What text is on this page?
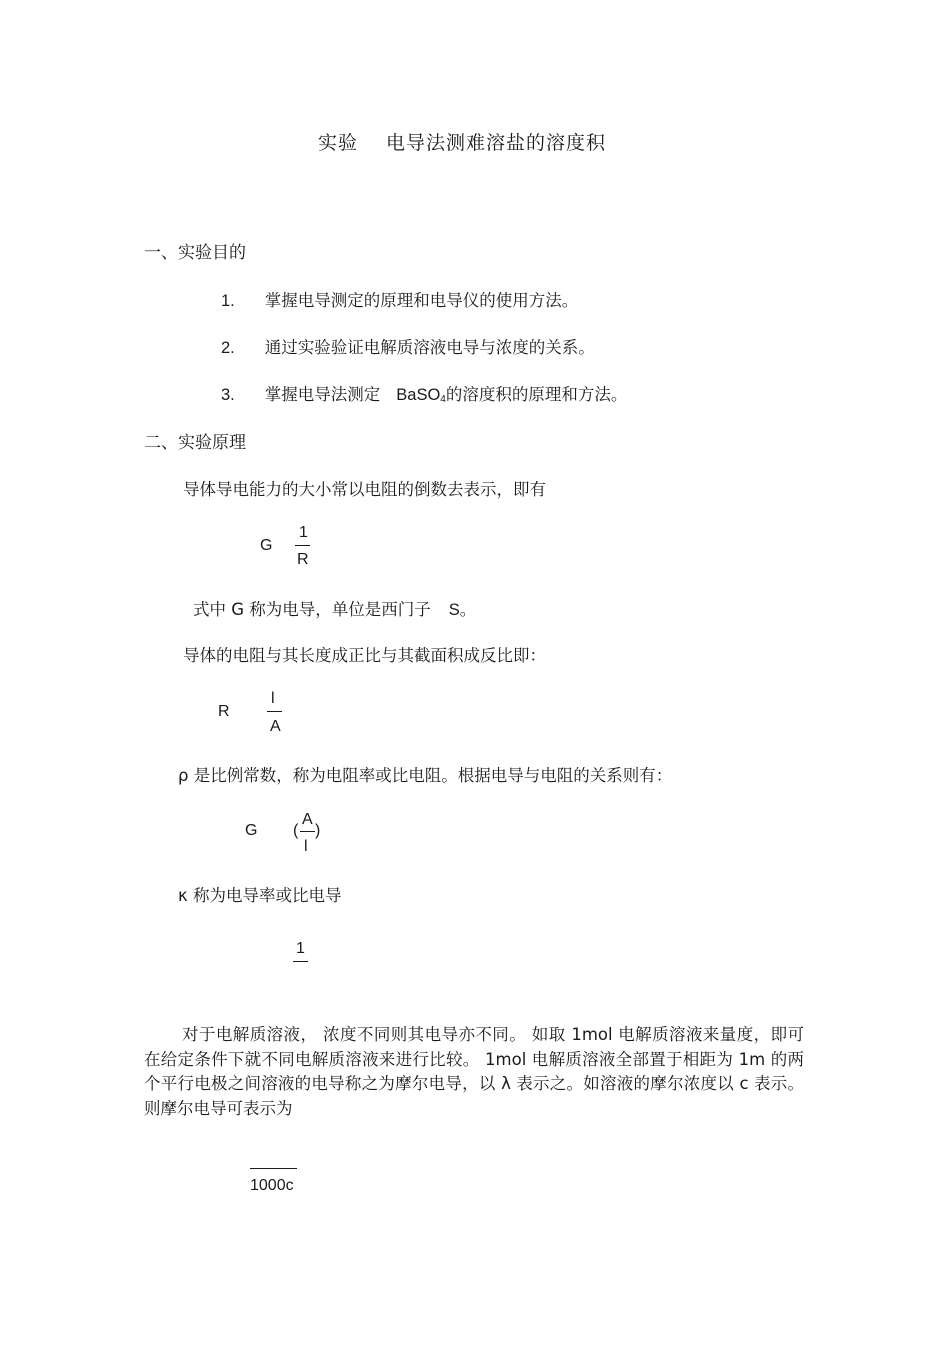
实验 电导法测难溶盐的溶度积
一、实验目的
1. 掌握电导测定的原理和电导仪的使用方法。
2. 通过实验验证电解质溶液电导与浓度的关系。
3. 掌握电导法测定 BaSO$_4$的溶度积的原理和方法。
二、实验原理
导体导电能力的大小常以电阻的倒数去表示，即有
G
1
R
式中 G 称为电导，单位是西门子 S。
导体的电阻与其长度成正比与其截面积成反比即：
R
l
A
ρ 是比例常数，称为电阻率或比电阻。根据电导与电阻的关系则有：
G (
A
l
)
κ 称为电导率或比电导
1
对于电解质溶液， 浓度不同则其电导亦不同。 如取 1mol 电解质溶液来量度，即可在给定条件下就不同电解质溶液来进行比较。 1mol 电解质溶液全部置于相距为 1m 的两个平行电极之间溶液的电导称之为摩尔电导，以 λ 表示之。如溶液的摩尔浓度以 c 表示。则摩尔电导可表示为
1000c
